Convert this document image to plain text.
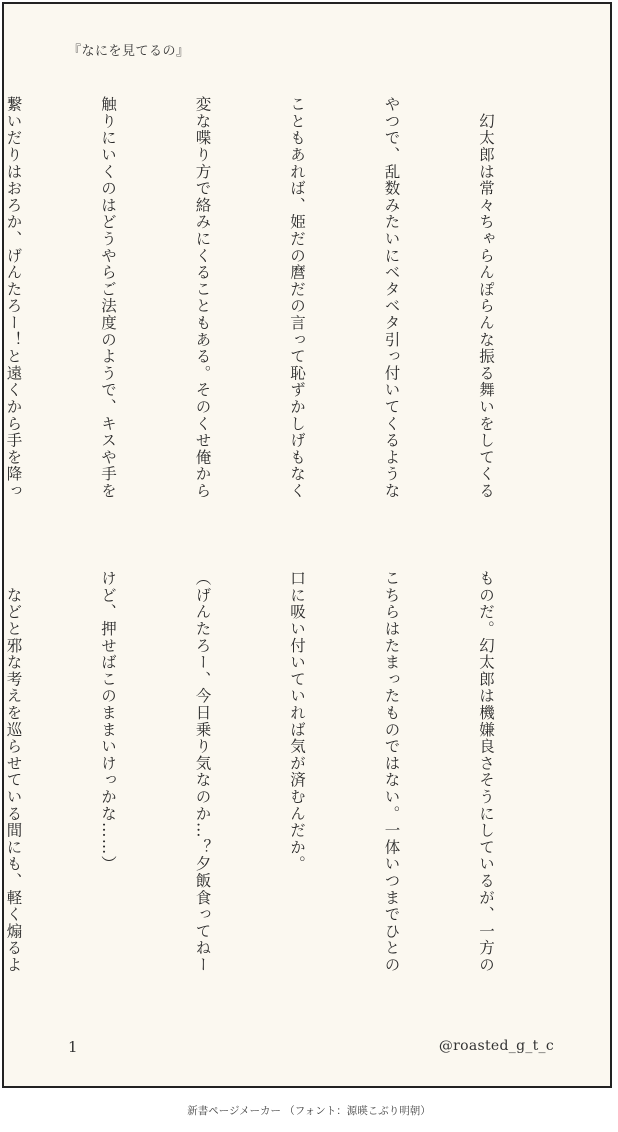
『なにを見てるの』

　幻太郎は常々ちゃらんぽらんな振る舞いをしてくる

やつで、乱数みたいにベタベタ引っ付いてくるような

こともあれば、姫だの麿だの言って恥ずかしげもなく

変な喋り方で絡みにくることもある。そのくせ俺から

触りにいくのはどうやらご法度のようで、キスや手を

繋いだりはおろか、げんたろー！と遠くから手を降っ

ものだ。幻太郎は機嫌良さそうにしているが、一方の

こちらはたまったものではない。一体いつまでひとの

口に吸い付いていれば気が済むんだか。

（げんたろー、今日乗り気なのか…？夕飯食ってねー

けど、押せばこのままいけっかな……）

　などと邪な考えを巡らせている間にも、軽く煽るよ

1	@roasted_g_t_c
新書ページメーカー （フォント：源暎こぶり明朝）
